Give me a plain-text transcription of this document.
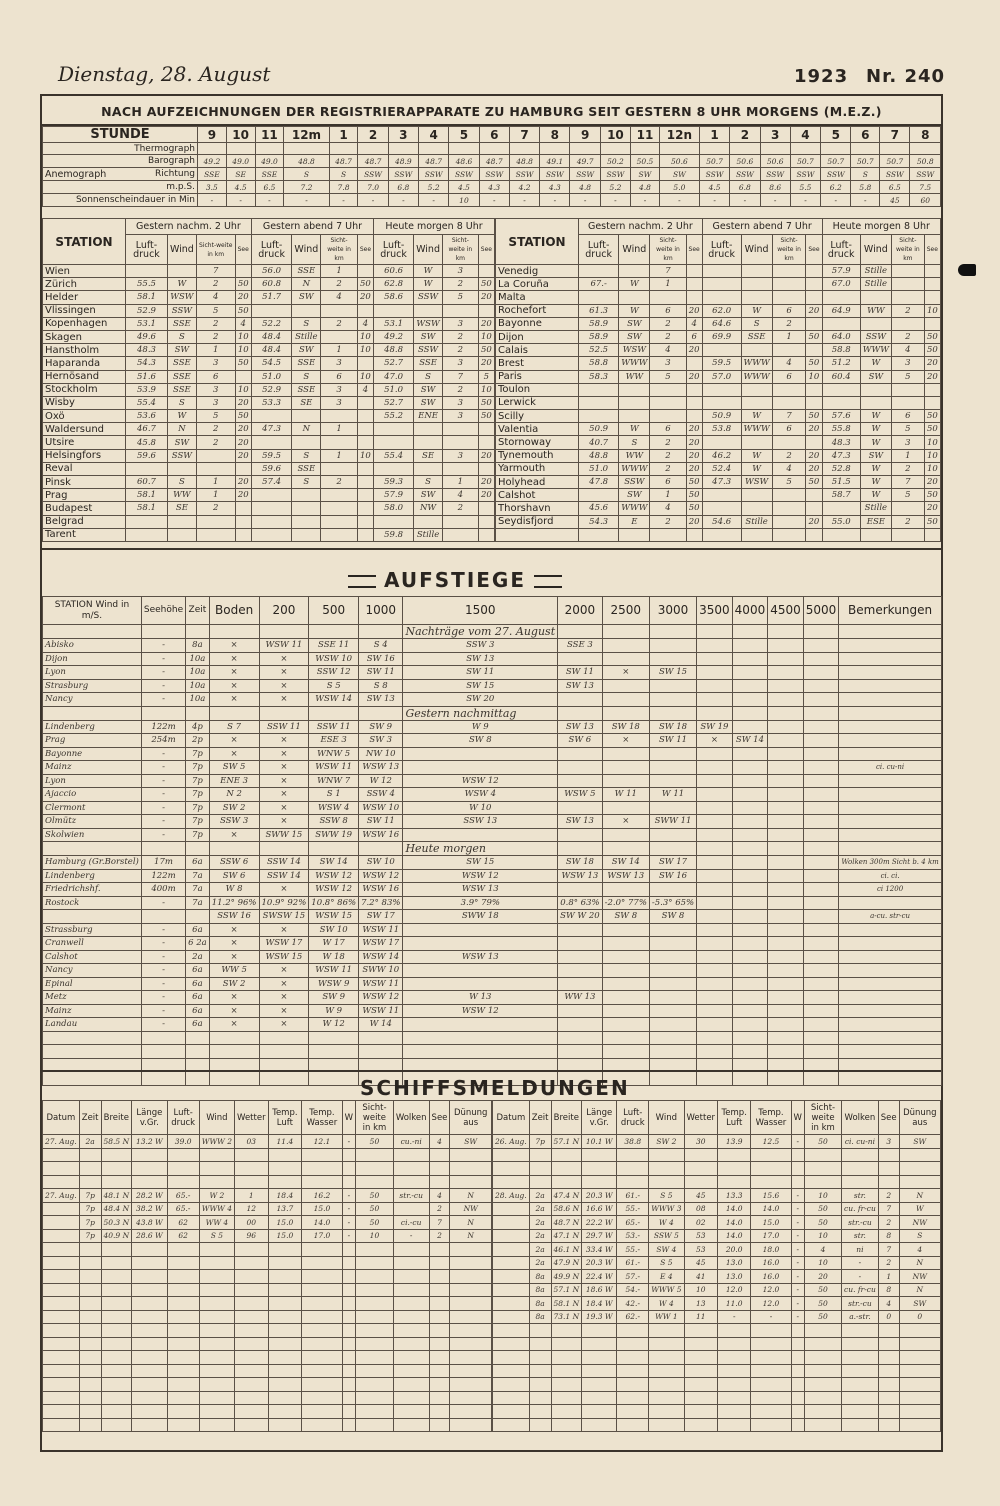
Dienstag, 28. August	1923 Nr. 240
NACH AUFZEICHNUNGEN DER REGISTRIERAPPARATE ZU HAMBURG SEIT GESTERN 8 UHR MORGENS (M.E.Z.)
STUNDE	9	10	11	12m	1	2	3	4	5	6	7	8	9	10	11	12n	1	2	3	4	5	6	7	8
Thermograph																								
Barograph	49.2	49.0	49.0	48.8	48.7	48.7	48.9	48.7	48.6	48.7	48.8	49.1	49.7	50.2	50.5	50.6	50.7	50.6	50.6	50.7	50.7	50.7	50.7	50.8

Anemograph Richtung	SSE	SE	SSE	S	S	SSW	SSW	SSW	SSW	SSW	SSW	SSW	SSW	SSW	SW	SW	SSW	SSW	SSW	SSW	SSW	S	SSW	SSW
m.p.S.	3.5	4.5	6.5	7.2	7.8	7.0	6.8	5.2	4.5	4.3	4.2	4.3	4.8	5.2	4.8	5.0	4.5	6.8	8.6	5.5	6.2	5.8	6.5	7.5
Sonnenscheindauer in Min	-	-	-	-	-	-	-	-	10	-	-	-	-	-	-	-	-	-	-	-	-	-	45	60
STATION	Gestern nachm. 2 Uhr				Gestern abend 7 Uhr				Heute morgen 8 Uhr			
	Luft-druck	Wind	Sicht-weite in km	See	Luft-druck	Wind	Sicht-weite in km	See	Luft-druck	Wind	Sicht-weite in km	See
Wien			7		56.0	SSE	1		60.6	W	3	
Zürich	55.5	W	2	50	60.8	N	2	50	62.8	W	2	50
Helder	58.1	WSW	4	20	51.7	SW	4	20	58.6	SSW	5	20
Vlissingen	52.9	SSW	5	50								
Kopenhagen	53.1	SSE	2	4	52.2	S	2	4	53.1	WSW	3	20
Skagen	49.6	S	2	10	48.4	Stille		10	49.2	SW	2	10
Hanstholm	48.3	SW	1	10	48.4	SW	1	10	48.8	SSW	2	50
Haparanda	54.3	SSE	3	50	54.5	SSE	3		52.7	SSE	3	20
Hernösand	51.6	SSE	6		51.0	S	6	10	47.0	S	7	5
Stockholm	53.9	SSE	3	10	52.9	SSE	3	4	51.0	SW	2	10
Wisby	55.4	S	3	20	53.3	SE	3		52.7	SW	3	50
Oxö	53.6	W	5	50					55.2	ENE	3	50
Waldersund	46.7	N	2	20	47.3	N	1					
Utsire	45.8	SW	2	20								
Helsingfors	59.6	SSW		20	59.5	S	1	10	55.4	SE	3	20
Reval					59.6	SSE						
Pinsk	60.7	S	1	20	57.4	S	2		59.3	S	1	20
Prag	58.1	WW	1	20					57.9	SW	4	20
Budapest	58.1	SE	2						58.0	NW	2	
Belgrad												
Tarent									59.8	Stille		
STATION	Gestern nachm. 2 Uhr				Gestern abend 7 Uhr				Heute morgen 8 Uhr			
	Luft-druck	Wind	Sicht-weite in km	See	Luft-druck	Wind	Sicht-weite in km	See	Luft-druck	Wind	Sicht-weite in km	See
Venedig			7						57.9	Stille		
La Coruña	67.-	W	1						67.0	Stille		
Malta												
Rochefort	61.3	W	6	20	62.0	W	6	20	64.9	WW	2	10
Bayonne	58.9	SW	2	4	64.6	S	2					
Dijon	58.9	SW	2	6	69.9	SSE	1	50	64.0	SSW	2	50
Calais	52.5	WSW	4	20					58.8	WWW	4	50
Brest	58.8	WWW	3		59.5	WWW	4	50	51.2	W	3	20
Paris	58.3	WW	5	20	57.0	WWW	6	10	60.4	SW	5	20
Toulon												
Lerwick												
Scilly					50.9	W	7	50	57.6	W	6	50
Valentia	50.9	W	6	20	53.8	WWW	6	20	55.8	W	5	50
Stornoway	40.7	S	2	20					48.3	W	3	10
Tynemouth	48.8	WW	2	20	46.2	W	2	20	47.3	SW	1	10
Yarmouth	51.0	WWW	2	20	52.4	W	4	20	52.8	W	2	10
Holyhead	47.8	SSW	6	50	47.3	WSW	5	50	51.5	W	7	20
Calshot		SW	1	50					58.7	W	5	50
Thorshavn	45.6	WWW	4	50						Stille		20
Seydisfjord	54.3	E	2	20	54.6	Stille		20	55.0	ESE	2	50

AUFSTIEGE
STATION Wind in m/S.	Seehöhe	Zeit	Boden	200	500	1000	1500	2000	2500	3000	3500	4000	4500	5000	Bemerkungen
							Nachträge vom 27. August								
Abisko	-	8a	×	WSW 11	SSE 11	S 4	SSW 3	SSE 3							
Dijon	-	10a	×	×	WSW 10	SW 16	SW 13								
Lyon	-	10a	×	×	SSW 12	SW 11	SW 11	SW 11	×	SW 15					
Strasburg	-	10a	×	×	S 5	S 8	SW 15	SW 13							
Nancy	-	10a	×	×	WSW 14	SW 13	SW 20								
							Gestern nachmittag								
Lindenberg	122m	4p	S 7	SSW 11	SSW 11	SW 9	W 9	SW 13	SW 18	SW 18	SW 19				
Prag	254m	2p	×	×	ESE 3	SW 3	SW 8	SW 6	×	SW 11	×	SW 14			
Bayonne	-	7p	×	×	WNW 5	NW 10									
Mainz	-	7p	SW 5	×	WSW 11	WSW 13									ci. cu-ni
Lyon	-	7p	ENE 3	×	WNW 7	W 12	WSW 12								
Ajaccio	-	7p	N 2	×	S 1	SSW 4	WSW 4	WSW 5	W 11	W 11					
Clermont	-	7p	SW 2	×	WSW 4	WSW 10	W 10								
Olmütz	-	7p	SSW 3	×	SSW 8	SW 11	SSW 13	SW 13	×	SWW 11					
Skolwien	-	7p	×	SWW 15	SWW 19	WSW 16									
							Heute morgen								
Hamburg (Gr.Borstel)	17m	6a	SSW 6	SSW 14	SW 14	SW 10	SW 15	SW 18	SW 14	SW 17					Wolken 300m Sicht b. 4 km
Lindenberg	122m	7a	SW 6	SSW 14	WSW 12	WSW 12	WSW 12	WSW 13	WSW 13	SW 16					ci. ci.
Friedrichshf.	400m	7a	W 8	×	WSW 12	WSW 16	WSW 13								ci 1200
Rostock	-	7a	11.2° 96%	10.9° 92%	10.8° 86%	7.2° 83%	3.9° 79%	0.8° 63%	-2.0° 77%	-5.3° 65%					
			SSW 16	SWSW 15	WSW 15	SW 17	SWW 18	SW W 20	SW 8	SW 8					a-cu. str-cu
Strassburg	-	6a	×	×	SW 10	WSW 11									
Cranwell	-	6 2a	×	WSW 17	W 17	WSW 17									
Calshot	-	2a	×	WSW 15	W 18	WSW 14	WSW 13								
Nancy	-	6a	WW 5	×	WSW 11	SWW 10									
Epinal	-	6a	SW 2	×	WSW 9	WSW 11									
Metz	-	6a	×	×	SW 9	WSW 12	W 13	WW 13							
Mainz	-	6a	×	×	W 9	WSW 11	WSW 12								
Landau	-	6a	×	×	W 12	W 14									

SCHIFFSMELDUNGEN
Datum	Zeit	Breite	Länge v.Gr.	Luft-druck	Wind	Wetter	Temp. Luft	Temp. Wasser	W	Sicht-weite in km	Wolken	See	Dünung aus
27. Aug.	2a	58.5 N	13.2 W	39.0	WWW 2	03	11.4	12.1	-	50	cu.-ni	4	SW

27. Aug.	7p	48.1 N	28.2 W	65.-	W 2	1	18.4	16.2	-	50	str.-cu	4	N
	7p	48.4 N	38.2 W	65.-	WWW 4	12	13.7	15.0	-	50		2	NW
	7p	50.3 N	43.8 W	62	WW 4	00	15.0	14.0	-	50	ci.-cu	7	N
	7p	40.9 N	28.6 W	62	S 5	96	15.0	17.0	-	10	-	2	N

Datum	Zeit	Breite	Länge v.Gr.	Luft-druck	Wind	Wetter	Temp. Luft	Temp. Wasser	W	Sicht-weite in km	Wolken	See	Dünung aus
26. Aug.	7p	57.1 N	10.1 W	38.8	SW 2	30	13.9	12.5	-	50	ci. cu-ni	3	SW

28. Aug.	2a	47.4 N	20.3 W	61.-	S 5	45	13.3	15.6	-	10	str.	2	N
	2a	58.6 N	16.6 W	55.-	WWW 3	08	14.0	14.0	-	50	cu. fr-cu	7	W
	2a	48.7 N	22.2 W	65.-	W 4	02	14.0	15.0	-	50	str.-cu	2	NW
	2a	47.1 N	29.7 W	53.-	SSW 5	53	14.0	17.0	-	10	str.	8	S
	2a	46.1 N	33.4 W	55.-	SW 4	53	20.0	18.0	-	4	ni	7	4
	2a	47.9 N	20.3 W	61.-	S 5	45	13.0	16.0	-	10	-	2	N
	8a	49.9 N	22.4 W	57.-	E 4	41	13.0	16.0	-	20	-	1	NW
	8a	57.1 N	18.6 W	54.-	WWW 5	10	12.0	12.0	-	50	cu. fr-cu	8	N
	8a	58.1 N	18.4 W	42.-	W 4	13	11.0	12.0	-	50	str.-cu	4	SW
	8a	73.1 N	19.3 W	62.-	WW 1	11	-	-	-	50	a.-str.	0	0
